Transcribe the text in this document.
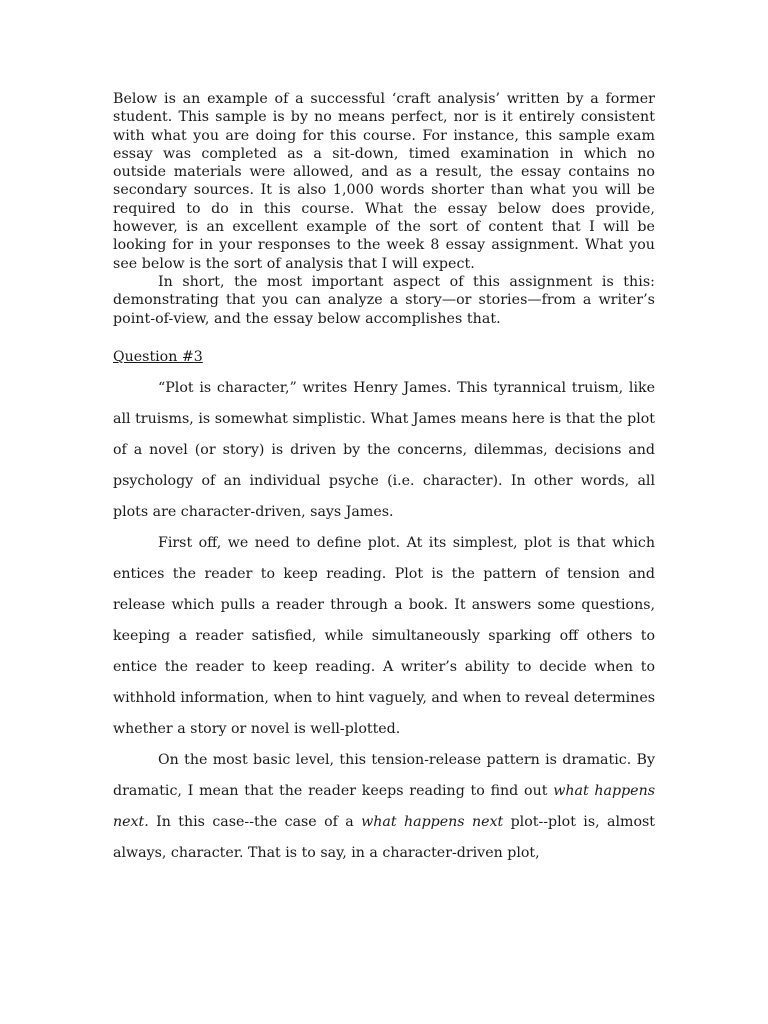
Below is an example of a successful ‘craft analysis’ written by a former student. This sample is by no means perfect, nor is it entirely consistent with what you are doing for this course. For instance, this sample exam essay was completed as a sit-down, timed examination in which no outside materials were allowed, and as a result, the essay contains no secondary sources. It is also 1,000 words shorter than what you will be required to do in this course. What the essay below does provide, however, is an excellent example of the sort of content that I will be looking for in your responses to the week 8 essay assignment. What you see below is the sort of analysis that I will expect.

In short, the most important aspect of this assignment is this: demonstrating that you can analyze a story—or stories—from a writer’s point-of-view, and the essay below accomplishes that.

Question #3

“Plot is character,” writes Henry James. This tyrannical truism, like all truisms, is somewhat simplistic. What James means here is that the plot of a novel (or story) is driven by the concerns, dilemmas, decisions and psychology of an individual psyche (i.e. character). In other words, all plots are character-driven, says James.

First off, we need to define plot. At its simplest, plot is that which entices the reader to keep reading. Plot is the pattern of tension and release which pulls a reader through a book. It answers some questions, keeping a reader satisfied, while simultaneously sparking off others to entice the reader to keep reading. A writer’s ability to decide when to withhold information, when to hint vaguely, and when to reveal determines whether a story or novel is well-plotted.

On the most basic level, this tension-release pattern is dramatic. By dramatic, I mean that the reader keeps reading to find out what happens next. In this case--the case of a what happens next plot--plot is, almost always, character. That is to say, in a character-driven plot,
